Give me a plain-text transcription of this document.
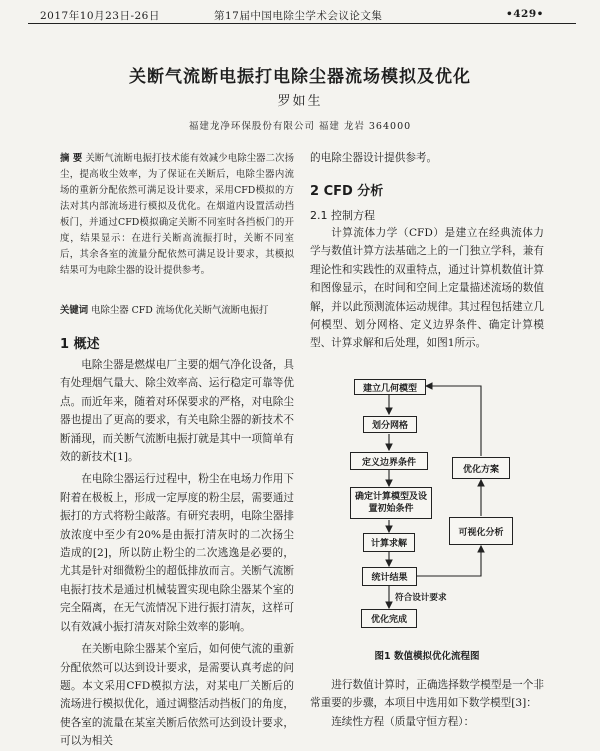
2017年10月23日-26日	第17届中国电除尘学术会议论文集	•429•
关断气流断电振打电除尘器流场模拟及优化
罗如生
福建龙净环保股份有限公司 福建 龙岩 364000
摘 要 关断气流断电振打技术能有效减少电除尘器二次扬尘，提高收尘效率，为了保证在关断后，电除尘器内流场的重新分配依然可满足设计要求，采用CFD模拟的方法对其内部流场进行模拟及优化。在烟道内设置活动挡板门，并通过CFD模拟确定关断不同室时各挡板门的开度，结果显示：在进行关断高流振打时，关断不同室后，其余各室的流量分配依然可满足设计要求，其模拟结果可为电除尘器的设计提供参考。
关键词 电除尘器 CFD 流场优化关断气流断电振打
1 概述

电除尘器是燃煤电厂主要的烟气净化设备，具有处理烟气量大、除尘效率高、运行稳定可靠等优点。而近年来，随着对环保要求的严格，对电除尘器也提出了更高的要求，有关电除尘器的新技术不断涌现，而关断气流断电振打就是其中一项简单有效的新技术[1]。

在电除尘器运行过程中，粉尘在电场力作用下附着在极板上，形成一定厚度的粉尘层，需要通过振打的方式将粉尘敲落。有研究表明，电除尘器排放浓度中至少有20%是由振打清灰时的二次扬尘造成的[2]，所以防止粉尘的二次逃逸是必要的，尤其是针对细微粉尘的超低排放而言。关断气流断电振打技术是通过机械装置实现电除尘器某个室的完全隔离，在无气流情况下进行振打清灰，这样可以有效减小振打清灰对除尘效率的影响。

在关断电除尘器某个室后，如何使气流的重新分配依然可以达到设计要求，是需要认真考虑的问题。本文采用CFD模拟方法，对某电厂关断后的流场进行模拟优化，通过调整活动挡板门的角度，使各室的流量在某室关断后依然可达到设计要求，可以为相关

的电除尘器设计提供参考。

2 CFD 分析
2.1 控制方程

计算流体力学（CFD）是建立在经典流体力学与数值计算方法基础之上的一门独立学科，兼有理论性和实践性的双重特点，通过计算机数值计算和图像显示，在时间和空间上定量描述流场的数值解，并以此预测流体运动规律。其过程包括建立几何模型、划分网格、定义边界条件、确定计算模型、计算求解和后处理，如图1所示。

建立几何模型
划分网格
定义边界条件
确定计算模型及设置初始条件
计算求解
统计结果
优化完成
优化方案
可视化分析
符合设计要求
图1 数值模拟优化流程图

进行数值计算时，正确选择数学模型是一个非常重要的步骤，本项目中选用如下数学模型[3]：

连续性方程（质量守恒方程）：
